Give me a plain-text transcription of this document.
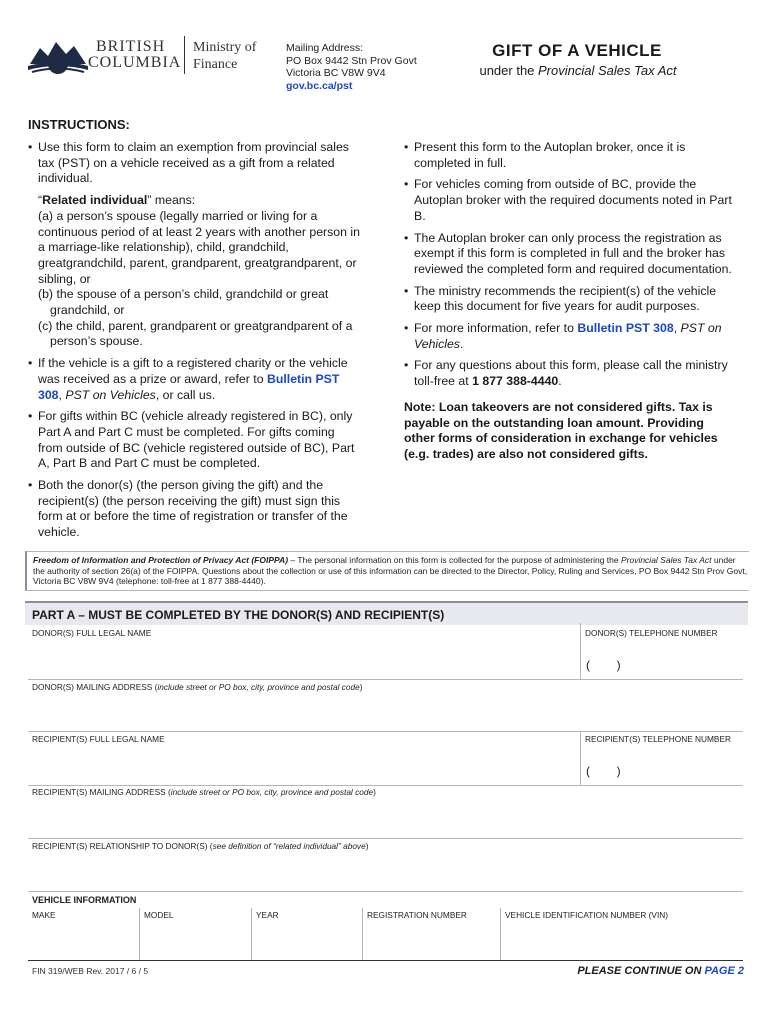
BRITISH
COLUMBIA
Ministry of
Finance
Mailing Address:
PO Box 9442 Stn Prov Govt
Victoria BC V8W 9V4
gov.bc.ca/pst
GIFT OF A VEHICLE
under the Provincial Sales Tax Act
INSTRUCTIONS:
• Use this form to claim an exemption from provincial sales tax (PST) on a vehicle received as a gift from a related individual.
“Related individual” means:
(a) a person’s spouse (legally married or living for a continuous period of at least 2 years with another person in a marriage-like relationship), child, grandchild, greatgrandchild, parent, grandparent, greatgrandparent, or sibling, or
(b) the spouse of a person’s child, grandchild or great grandchild, or
(c) the child, parent, grandparent or greatgrandparent of a person’s spouse.
• If the vehicle is a gift to a registered charity or the vehicle was received as a prize or award, refer to Bulletin PST 308, PST on Vehicles, or call us.
• For gifts within BC (vehicle already registered in BC), only Part A and Part C must be completed. For gifts coming from outside of BC (vehicle registered outside of BC), Part A, Part B and Part C must be completed.
• Both the donor(s) (the person giving the gift) and the recipient(s) (the person receiving the gift) must sign this form at or before the time of registration or transfer of the vehicle.
• Present this form to the Autoplan broker, once it is completed in full.
• For vehicles coming from outside of BC, provide the Autoplan broker with the required documents noted in Part B.
• The Autoplan broker can only process the registration as exempt if this form is completed in full and the broker has reviewed the completed form and required documentation.
• The ministry recommends the recipient(s) of the vehicle keep this document for five years for audit purposes.
• For more information, refer to Bulletin PST 308, PST on Vehicles.
• For any questions about this form, please call the ministry toll-free at 1 877 388-4440.
Note: Loan takeovers are not considered gifts. Tax is payable on the outstanding loan amount. Providing other forms of consideration in exchange for vehicles (e.g. trades) are also not considered gifts.
Freedom of Information and Protection of Privacy Act (FOIPPA) – The personal information on this form is collected for the purpose of administering the Provincial Sales Tax Act under the authority of section 26(a) of the FOIPPA. Questions about the collection or use of this information can be directed to the Director, Policy, Ruling and Services, PO Box 9442 Stn Prov Govt, Victoria BC V8W 9V4 (telephone: toll-free at 1 877 388-4440).
PART A – MUST BE COMPLETED BY THE DONOR(S) AND RECIPIENT(S)
DONOR(S) FULL LEGAL NAME	DONOR(S) TELEPHONE NUMBER
(        )
DONOR(S) MAILING ADDRESS (include street or PO box, city, province and postal code)
RECIPIENT(S) FULL LEGAL NAME	RECIPIENT(S) TELEPHONE NUMBER
(        )
RECIPIENT(S) MAILING ADDRESS (include street or PO box, city, province and postal code)
RECIPIENT(S) RELATIONSHIP TO DONOR(S) (see definition of “related individual” above)
VEHICLE INFORMATION
MAKE	MODEL	YEAR	REGISTRATION NUMBER	VEHICLE IDENTIFICATION NUMBER (VIN)
FIN 319/WEB Rev. 2017 / 6 / 5	PLEASE CONTINUE ON PAGE 2
